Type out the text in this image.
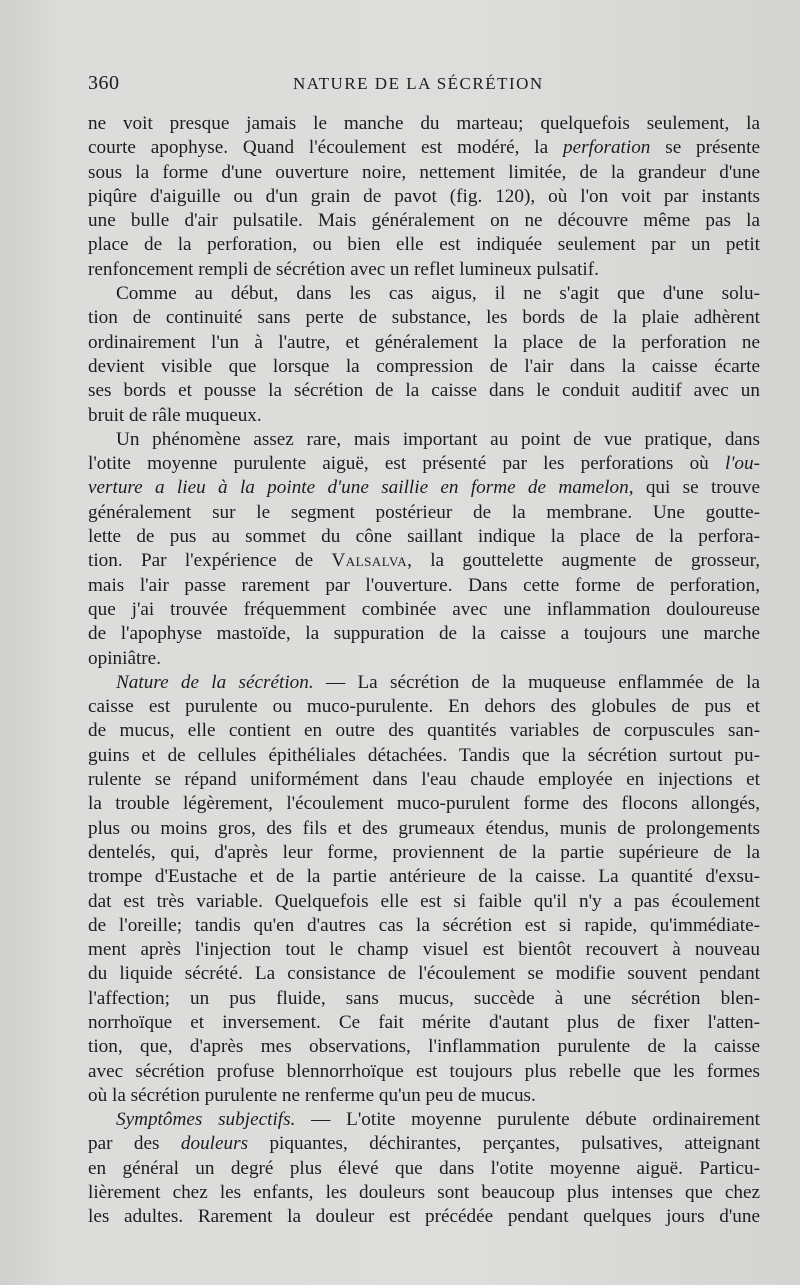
360	NATURE DE LA SÉCRÉTION
ne voit presque jamais le manche du marteau; quelquefois seulement, la
courte apophyse. Quand l'écoulement est modéré, la perforation se présente
sous la forme d'une ouverture noire, nettement limitée, de la grandeur d'une
piqûre d'aiguille ou d'un grain de pavot (fig. 120), où l'on voit par instants
une bulle d'air pulsatile. Mais généralement on ne découvre même pas la
place de la perforation, ou bien elle est indiquée seulement par un petit
renfoncement rempli de sécrétion avec un reflet lumineux pulsatif.
Comme au début, dans les cas aigus, il ne s'agit que d'une solu-
tion de continuité sans perte de substance, les bords de la plaie adhèrent
ordinairement l'un à l'autre, et généralement la place de la perforation ne
devient visible que lorsque la compression de l'air dans la caisse écarte
ses bords et pousse la sécrétion de la caisse dans le conduit auditif avec un
bruit de râle muqueux.
Un phénomène assez rare, mais important au point de vue pratique, dans
l'otite moyenne purulente aiguë, est présenté par les perforations où l'ou-
verture a lieu à la pointe d'une saillie en forme de mamelon, qui se trouve
généralement sur le segment postérieur de la membrane. Une goutte-
lette de pus au sommet du cône saillant indique la place de la perfora-
tion. Par l'expérience de Valsalva, la gouttelette augmente de grosseur,
mais l'air passe rarement par l'ouverture. Dans cette forme de perforation,
que j'ai trouvée fréquemment combinée avec une inflammation douloureuse
de l'apophyse mastoïde, la suppuration de la caisse a toujours une marche
opiniâtre.
Nature de la sécrétion. — La sécrétion de la muqueuse enflammée de la
caisse est purulente ou muco-purulente. En dehors des globules de pus et
de mucus, elle contient en outre des quantités variables de corpuscules san-
guins et de cellules épithéliales détachées. Tandis que la sécrétion surtout pu-
rulente se répand uniformément dans l'eau chaude employée en injections et
la trouble légèrement, l'écoulement muco-purulent forme des flocons allongés,
plus ou moins gros, des fils et des grumeaux étendus, munis de prolongements
dentelés, qui, d'après leur forme, proviennent de la partie supérieure de la
trompe d'Eustache et de la partie antérieure de la caisse. La quantité d'exsu-
dat est très variable. Quelquefois elle est si faible qu'il n'y a pas écoulement
de l'oreille; tandis qu'en d'autres cas la sécrétion est si rapide, qu'immédiate-
ment après l'injection tout le champ visuel est bientôt recouvert à nouveau
du liquide sécrété. La consistance de l'écoulement se modifie souvent pendant
l'affection; un pus fluide, sans mucus, succède à une sécrétion blen-
norrhoïque et inversement. Ce fait mérite d'autant plus de fixer l'atten-
tion, que, d'après mes observations, l'inflammation purulente de la caisse
avec sécrétion profuse blennorrhoïque est toujours plus rebelle que les formes
où la sécrétion purulente ne renferme qu'un peu de mucus.
Symptômes subjectifs. — L'otite moyenne purulente débute ordinairement
par des douleurs piquantes, déchirantes, perçantes, pulsatives, atteignant
en général un degré plus élevé que dans l'otite moyenne aiguë. Particu-
lièrement chez les enfants, les douleurs sont beaucoup plus intenses que chez
les adultes. Rarement la douleur est précédée pendant quelques jours d'une
